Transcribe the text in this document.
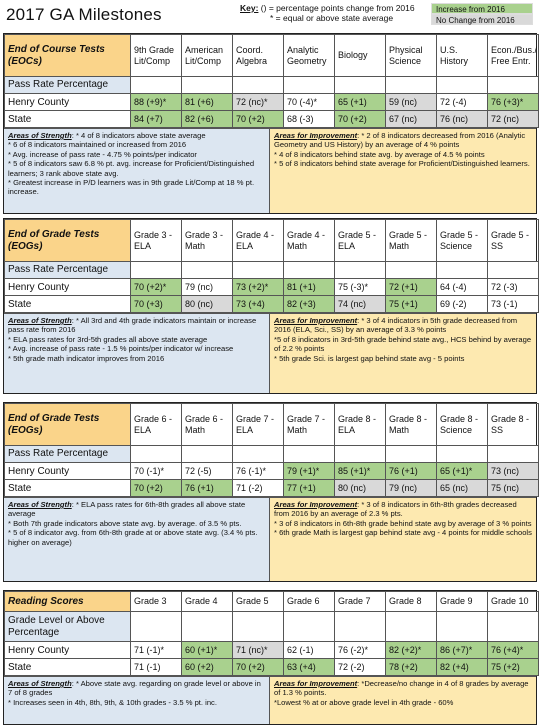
2017 GA Milestones	Key: () = percentage points change from 2016
* = equal or above state average
Increase from 2016
No Change from 2016
End of Course Tests (EOCs)	9th Grade Lit/Comp	American Lit/Comp	Coord. Algebra	Analytic Geometry	Biology	Physical Science	U.S. History	Econ./Bus./ Free Entr.
Pass Rate Percentage								
Henry County	88 (+9)*	81 (+6)	72 (nc)*	70 (-4)*	65 (+1)	59 (nc)	72 (-4)	76 (+3)*
State	84 (+7)	82 (+6)	70 (+2)	68 (-3)	70 (+2)	67 (nc)	76 (nc)	72 (nc)

Areas of Strength: * 4 of 8 indicators above state average

* 6 of 8 indicators maintained or increased from 2016

* Avg. increase of pass rate - 4.75 % points/per indicator

* 5 of 8 indicators saw 6.8 % pt. avg. increase for Proficient/Distinguished learners; 3 rank above state avg.

* Greatest increase in P/D learners was in 9th grade Lit/Comp at 18 % pt. increase.

Areas for Improvement: * 2 of 8 indicators decreased from 2016 (Analytic Geometry and US History) by an average of 4 % points

* 4 of 8 indicators behind state avg. by average of 4.5 % points

* 5 of 8 indicators behind state average for Proficient/Distinguished learners.

End of Grade Tests (EOGs)	Grade 3 - ELA	Grade 3 - Math	Grade 4 - ELA	Grade 4 - Math	Grade 5 - ELA	Grade 5 - Math	Grade 5 - Science	Grade 5 - SS
Pass Rate Percentage								
Henry County	70 (+2)*	79 (nc)	73 (+2)*	81 (+1)	75 (-3)*	72 (+1)	64 (-4)	72 (-3)
State	70 (+3)	80 (nc)	73 (+4)	82 (+3)	74 (nc)	75 (+1)	69 (-2)	73 (-1)

Areas of Strength: * All 3rd and 4th grade indicators maintain or increase pass rate from 2016

* ELA pass rates for 3rd-5th grades all above state average

* Avg. increase of pass rate - 1.5 % points/per indicator w/ increase

* 5th grade math indicator improves from 2016

Areas for Improvement: * 3 of 4 indicators in 5th grade decreased from 2016 (ELA, Sci., SS) by an average of 3.3 % points

*5 of 8 indicators in 3rd-5th grade behind state avg., HCS behind by average of 2.2 % points

* 5th grade Sci. is largest gap behind state avg - 5 points

End of Grade Tests (EOGs)	Grade 6 - ELA	Grade 6 - Math	Grade 7 - ELA	Grade 7 - Math	Grade 8 - ELA	Grade 8 - Math	Grade 8 - Science	Grade 8 - SS
Pass Rate Percentage								
Henry County	70 (-1)*	72 (-5)	76 (-1)*	79 (+1)*	85 (+1)*	76 (+1)	65 (+1)*	73 (nc)
State	70 (+2)	76 (+1)	71 (-2)	77 (+1)	80 (nc)	79 (nc)	65 (nc)	75 (nc)

Areas of Strength: * ELA pass rates for 6th-8th grades all above state average

* Both 7th grade indicators above state avg. by average. of 3.5 % pts.

* 5 of 8 indicator avg. from 6th-8th grade at or above state avg. (3.4 % pts. higher on average)

Areas for Improvement: * 3 of 8 indicators in 6th-8th grades decreased from 2016 by an average of 2.3 % pts.

* 3 of 8 indicators in 6th-8th grade behind state avg by average of 3 % points

* 6th grade Math is largest gap behind state avg - 4 points for middle schools

Reading Scores	Grade 3	Grade 4	Grade 5	Grade 6	Grade 7	Grade 8	Grade 9	Grade 10
Grade Level or Above Percentage								
Henry County	71 (-1)*	60 (+1)*	71 (nc)*	62 (-1)	76 (-2)*	82 (+2)*	86 (+7)*	76 (+4)*
State	71 (-1)	60 (+2)	70 (+2)	63 (+4)	72 (-2)	78 (+2)	82 (+4)	75 (+2)

Areas of Strength: * Above state avg. regarding on grade level or above in 7 of 8 grades

* Increases seen in 4th, 8th, 9th, & 10th grades - 3.5 % pt. inc.

Areas for Improvement: *Decrease/no change in 4 of 8 grades by average of 1.3 % points.

*Lowest % at or above grade level in 4th grade - 60%
